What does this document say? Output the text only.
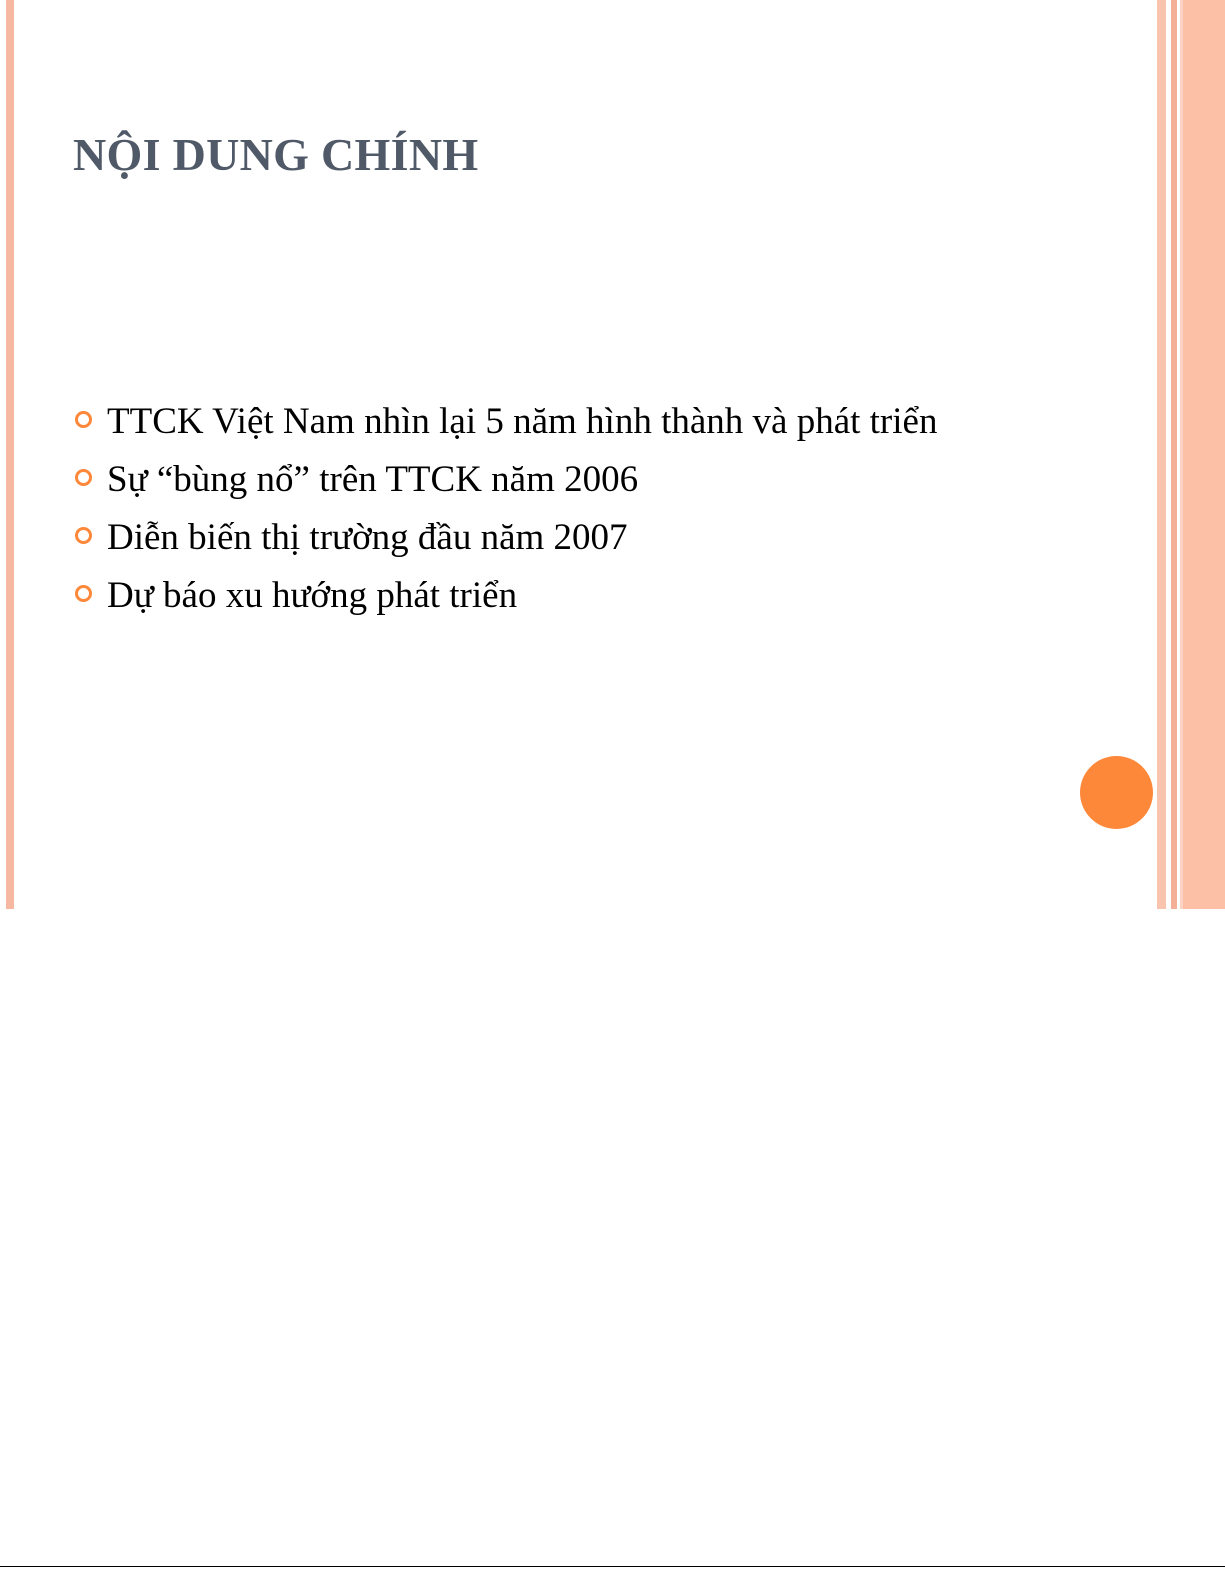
NỘI DUNG CHÍNH
TTCK Việt Nam nhìn lại 5 năm hình thành và phát triển
Sự “bùng nổ” trên TTCK năm 2006
Diễn biến thị trường đầu năm 2007
Dự báo xu hướng phát triển
